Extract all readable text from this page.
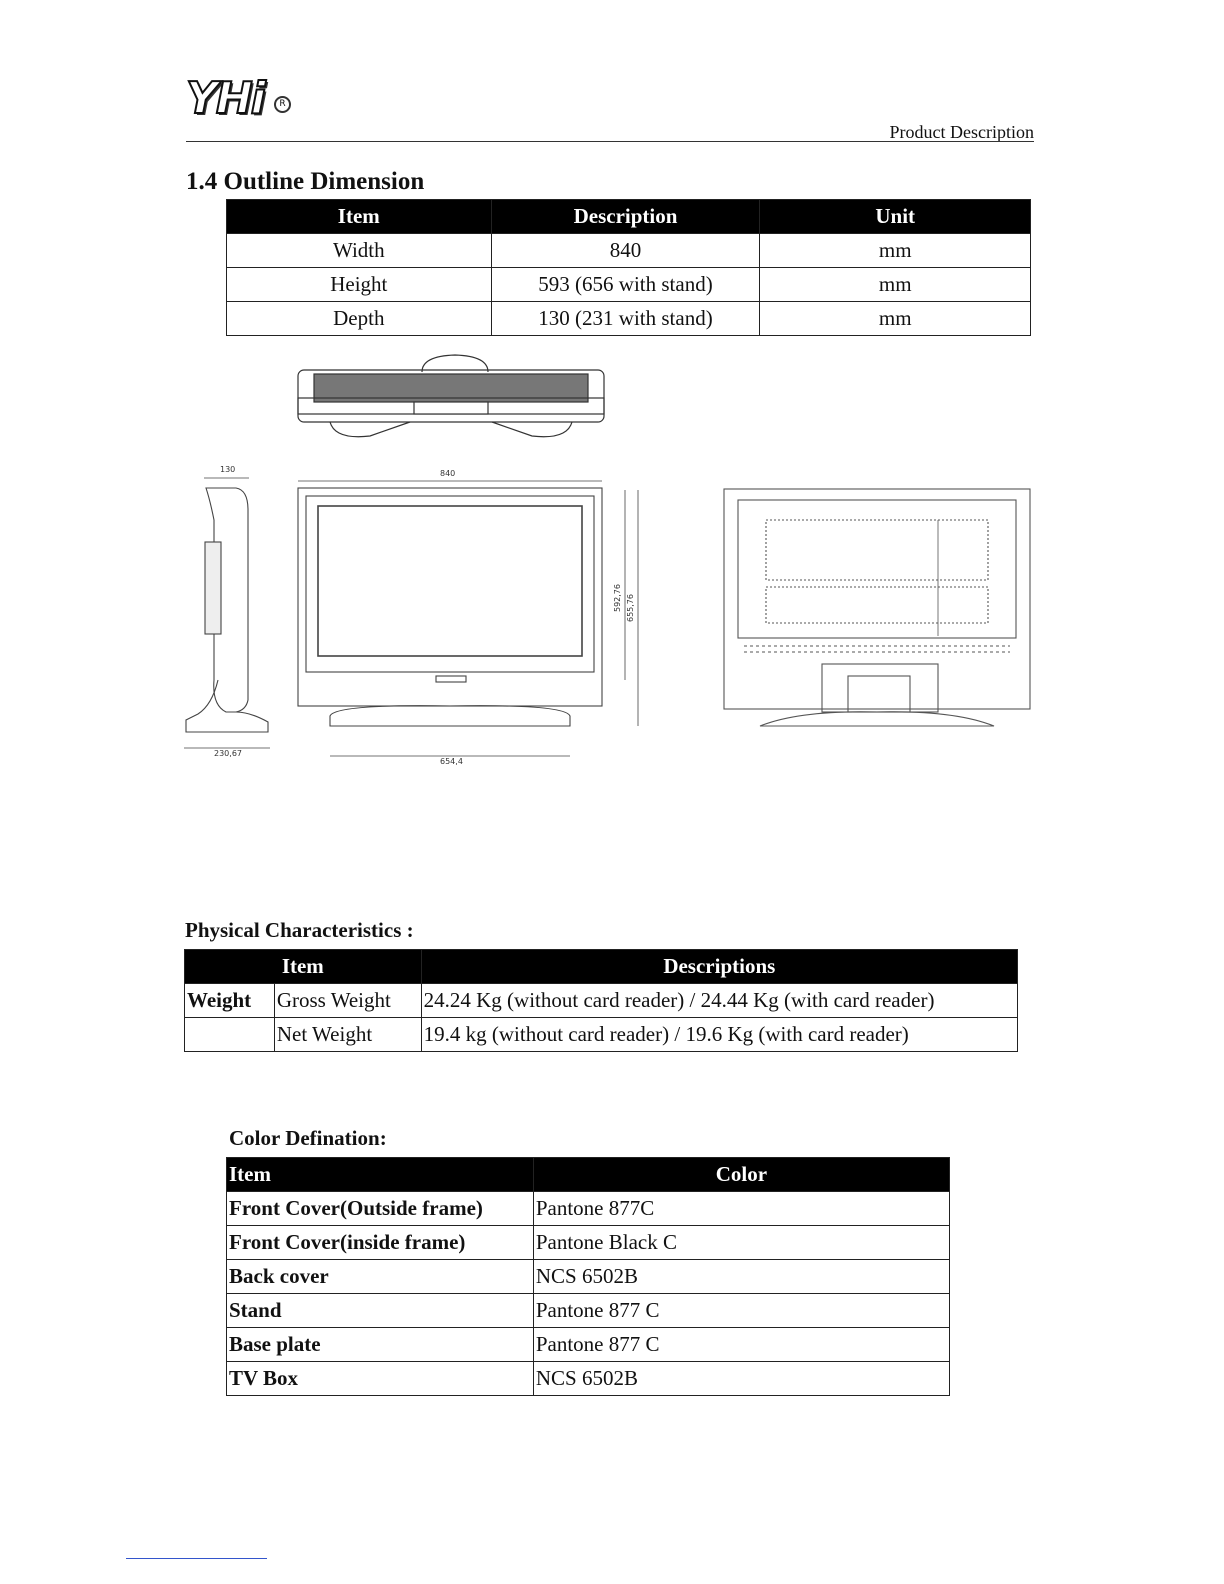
YHi	R
Product Description
1.4 Outline Dimension
Item	Description	Unit
Width	840	mm
Height	593 (656 with stand)	mm
Depth	130 (231 with stand)	mm
130
230,67
840
592,76 655,76
654,4
Physical Characteristics :
Item		Descriptions
Weight	Gross Weight	24.24 Kg (without card reader) / 24.44 Kg (with card reader)
	Net Weight	19.4 kg (without card reader) / 19.6 Kg (with card reader)
Color Defination:
Item	Color
Front Cover(Outside frame)	Pantone 877C
Front Cover(inside frame)	Pantone Black C
Back cover	NCS 6502B
Stand	Pantone 877 C
Base plate	Pantone 877 C
TV Box	NCS 6502B
